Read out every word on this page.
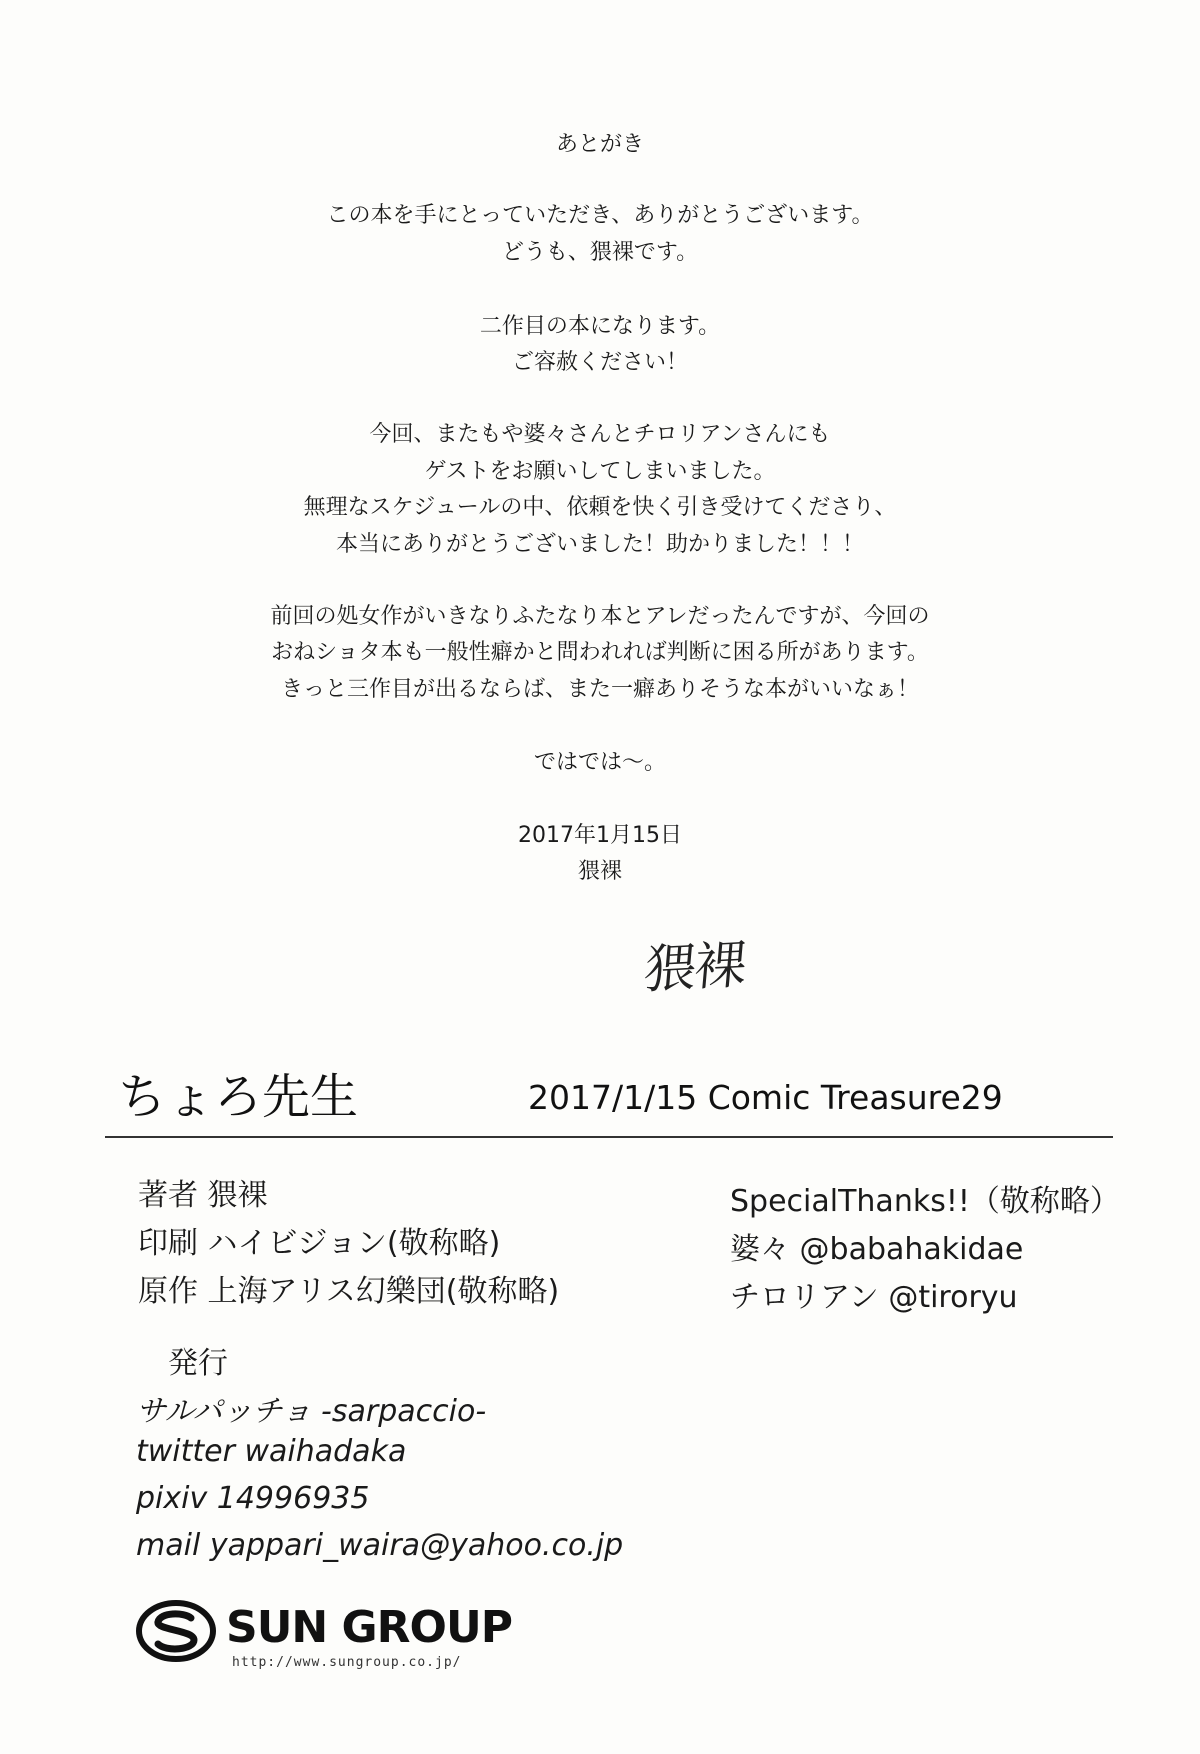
あとがき
この本を手にとっていただき、ありがとうございます。
どうも、猥裸です。
二作目の本になります。
ご容赦ください！
今回、またもや婆々さんとチロリアンさんにも
ゲストをお願いしてしまいました。
無理なスケジュールの中、依頼を快く引き受けてくださり、
本当にありがとうございました！助かりました！！！
前回の処女作がいきなりふたなり本とアレだったんですが、今回の
おねショタ本も一般性癖かと問われれば判断に困る所があります。
きっと三作目が出るならば、また一癖ありそうな本がいいなぁ！
ではでは～。
2017年1月15日
猥裸
猥裸
ちょろ先生	2017/1/15 Comic Treasure29
著者 猥裸
印刷 ハイビジョン(敬称略)
原作 上海アリス幻樂団(敬称略)
SpecialThanks!!（敬称略）
婆々 @babahakidae
チロリアン @tiroryu
発行
サルパッチョ -sarpaccio-
twitter waihadaka
pixiv 14996935
mail yappari_waira@yahoo.co.jp
SUN GROUP
http://www.sungroup.co.jp/
